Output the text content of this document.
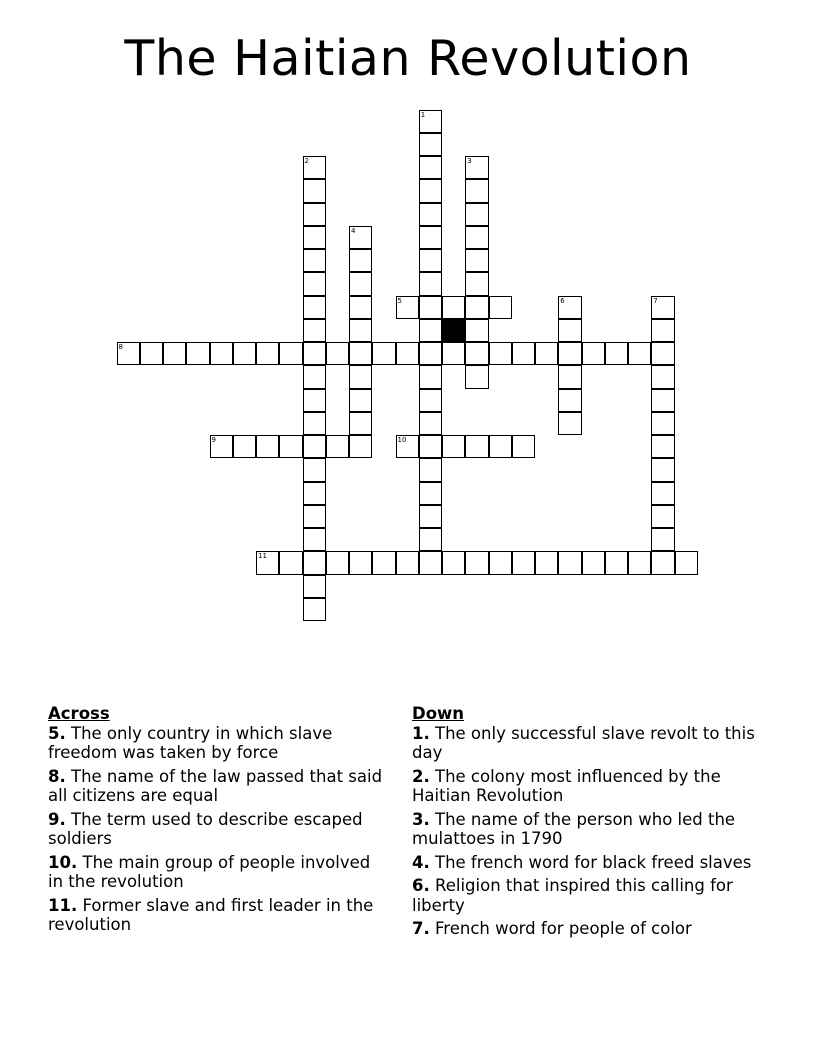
The Haitian Revolution
1
2	3
4
5	6	7
8
9	10
11
Across
5. The only country in which slave freedom was taken by force
8. The name of the law passed that said all citizens are equal
9. The term used to describe escaped soldiers
10. The main group of people involved in the revolution
11. Former slave and first leader in the revolution
Down
1. The only successful slave revolt to this day
2. The colony most influenced by the Haitian Revolution
3. The name of the person who led the mulattoes in 1790
4. The french word for black freed slaves
6. Religion that inspired this calling for liberty
7. French word for people of color
